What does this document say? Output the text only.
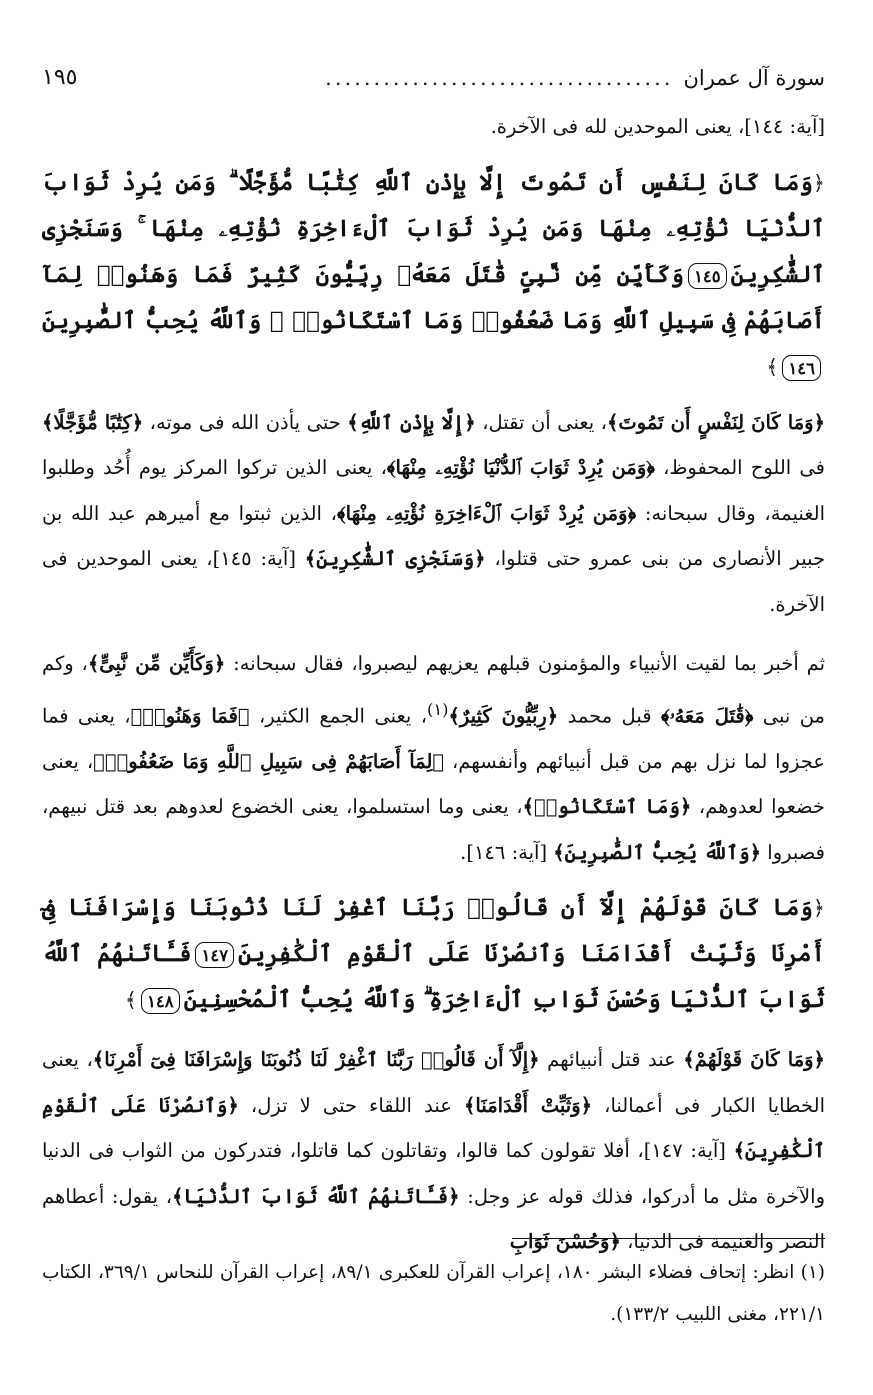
سورة آل عمران
....................................
١٩٥

[آية: ١٤٤]، يعنى الموحدين لله فى الآخرة.

﴿وَمَا كَانَ لِنَفْسٍ أَن تَمُوتَ إِلَّا بِإِذْنِ ٱللَّهِ كِتَٰبًا مُّؤَجَّلًا ۗ وَمَن يُرِدْ ثَوَابَ ٱلدُّنْيَا نُؤْتِهِۦ مِنْهَا وَمَن يُرِدْ ثَوَابَ ٱلْءَاخِرَةِ نُؤْتِهِۦ مِنْهَا ۚ وَسَنَجْزِى ٱلشَّٰكِرِينَ١٤٥وَكَأَيِّن مِّن نَّبِىٍّ قَٰتَلَ مَعَهُۥ رِبِّيُّونَ كَثِيرٌ فَمَا وَهَنُوا۟ لِمَآ أَصَابَهُمْ فِى سَبِيلِ ٱللَّهِ وَمَا ضَعُفُوا۟ وَمَا ٱسْتَكَانُوا۟ ۗ وَٱللَّهُ يُحِبُّ ٱلصَّٰبِرِينَ١٤٦﴾

﴿وَمَا كَانَ لِنَفْسٍ أَن تَمُوتَ﴾، يعنى أن تقتل، ﴿إِلَّا بِإِذْنِ ٱللَّهِ﴾ حتى يأذن الله فى موته، ﴿كِتَٰبًا مُّؤَجَّلًا﴾ فى اللوح المحفوظ، ﴿وَمَن يُرِدْ ثَوَابَ ٱلدُّنْيَا نُؤْتِهِۦ مِنْهَا﴾، يعنى الذين تركوا المركز يوم أُحُد وطلبوا الغنيمة، وقال سبحانه: ﴿وَمَن يُرِدْ ثَوَابَ ٱلْءَاخِرَةِ نُؤْتِهِۦ مِنْهَا﴾، الذين ثبتوا مع أميرهم عبد الله بن جبير الأنصارى من بنى عمرو حتى قتلوا، ﴿وَسَنَجْزِى ٱلشَّٰكِرِينَ﴾ [آية: ١٤٥]، يعنى الموحدين فى الآخرة.

ثم أخبر بما لقيت الأنبياء والمؤمنون قبلهم يعزيهم ليصبروا، فقال سبحانه: ﴿وَكَأَيِّن مِّن نَّبِىٍّ﴾، وكم من نبى ﴿قَٰتَلَ مَعَهُۥ﴾ قبل محمد ﴿رِبِّيُّونَ كَثِيرٌ﴾$^{(١)}$، يعنى الجمع الكثير، ﴿فَمَا وَهَنُوا۟﴾، يعنى فما عجزوا لما نزل بهم من قبل أنبيائهم وأنفسهم، ﴿لِمَآ أَصَابَهُمْ فِى سَبِيلِ ٱللَّهِ وَمَا ضَعُفُوا۟﴾، يعنى خضعوا لعدوهم، ﴿وَمَا ٱسْتَكَانُوا۟﴾، يعنى وما استسلموا، يعنى الخضوع لعدوهم بعد قتل نبيهم، فصبروا ﴿وَٱللَّهُ يُحِبُّ ٱلصَّٰبِرِينَ﴾ [آية: ١٤٦].

﴿وَمَا كَانَ قَوْلَهُمْ إِلَّآ أَن قَالُوا۟ رَبَّنَا ٱغْفِرْ لَنَا ذُنُوبَنَا وَإِسْرَافَنَا فِىٓ أَمْرِنَا وَثَبِّتْ أَقْدَامَنَا وَٱنصُرْنَا عَلَى ٱلْقَوْمِ ٱلْكَٰفِرِينَ١٤٧فَـَٔاتَىٰهُمُ ٱللَّهُ ثَوَابَ ٱلدُّنْيَا وَحُسْنَ ثَوَابِ ٱلْءَاخِرَةِ ۗ وَٱللَّهُ يُحِبُّ ٱلْمُحْسِنِينَ١٤٨﴾

﴿وَمَا كَانَ قَوْلَهُمْ﴾ عند قتل أنبيائهم ﴿إِلَّآ أَن قَالُوا۟ رَبَّنَا ٱغْفِرْ لَنَا ذُنُوبَنَا وَإِسْرَافَنَا فِىٓ أَمْرِنَا﴾، يعنى الخطايا الكبار فى أعمالنا، ﴿وَثَبِّتْ أَقْدَامَنَا﴾ عند اللقاء حتى لا تزل، ﴿وَٱنصُرْنَا عَلَى ٱلْقَوْمِ ٱلْكَٰفِرِينَ﴾ [آية: ١٤٧]، أفلا تقولون كما قالوا، وتقاتلون كما قاتلوا، فتدركون من الثواب فى الدنيا والآخرة مثل ما أدركوا، فذلك قوله عز وجل: ﴿فَـَٔاتَىٰهُمُ ٱللَّهُ ثَوَابَ ٱلدُّنْيَا﴾، يقول: أعطاهم النصر والغنيمة فى الدنيا، ﴿وَحُسْنَ ثَوَابِ

(١) انظر: إتحاف فضلاء البشر ١٨٠، إعراب القرآن للعكبرى ٨٩/١، إعراب القرآن للنحاس ٣٦٩/١، الكتاب ٢٢١/١، مغنى اللبيب ١٣٣/٢).
